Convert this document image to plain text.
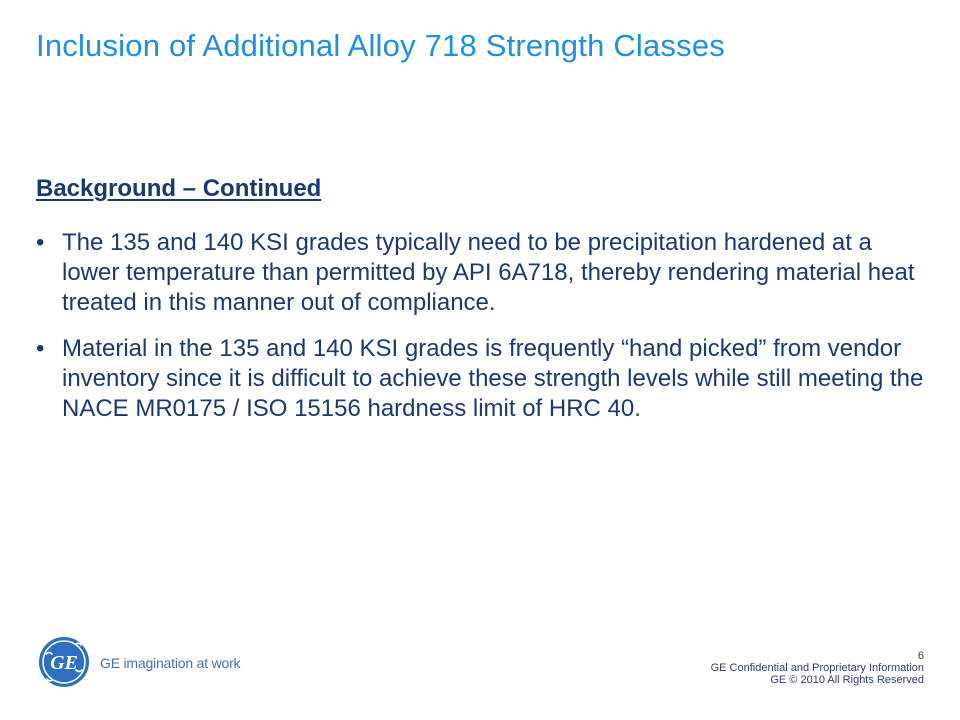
Inclusion of Additional Alloy 718 Strength Classes
Background – Continued
• The 135 and 140 KSI grades typically need to be precipitation hardened at a lower temperature than permitted by API 6A718, thereby rendering material heat treated in this manner out of compliance.
• Material in the 135 and 140 KSI grades is frequently “hand picked” from vendor inventory since it is difficult to achieve these strength levels while still meeting the NACE MR0175 / ISO 15156 hardness limit of HRC 40.
GE GE imagination at work	6
GE Confidential and Proprietary Information
GE © 2010 All Rights Reserved
